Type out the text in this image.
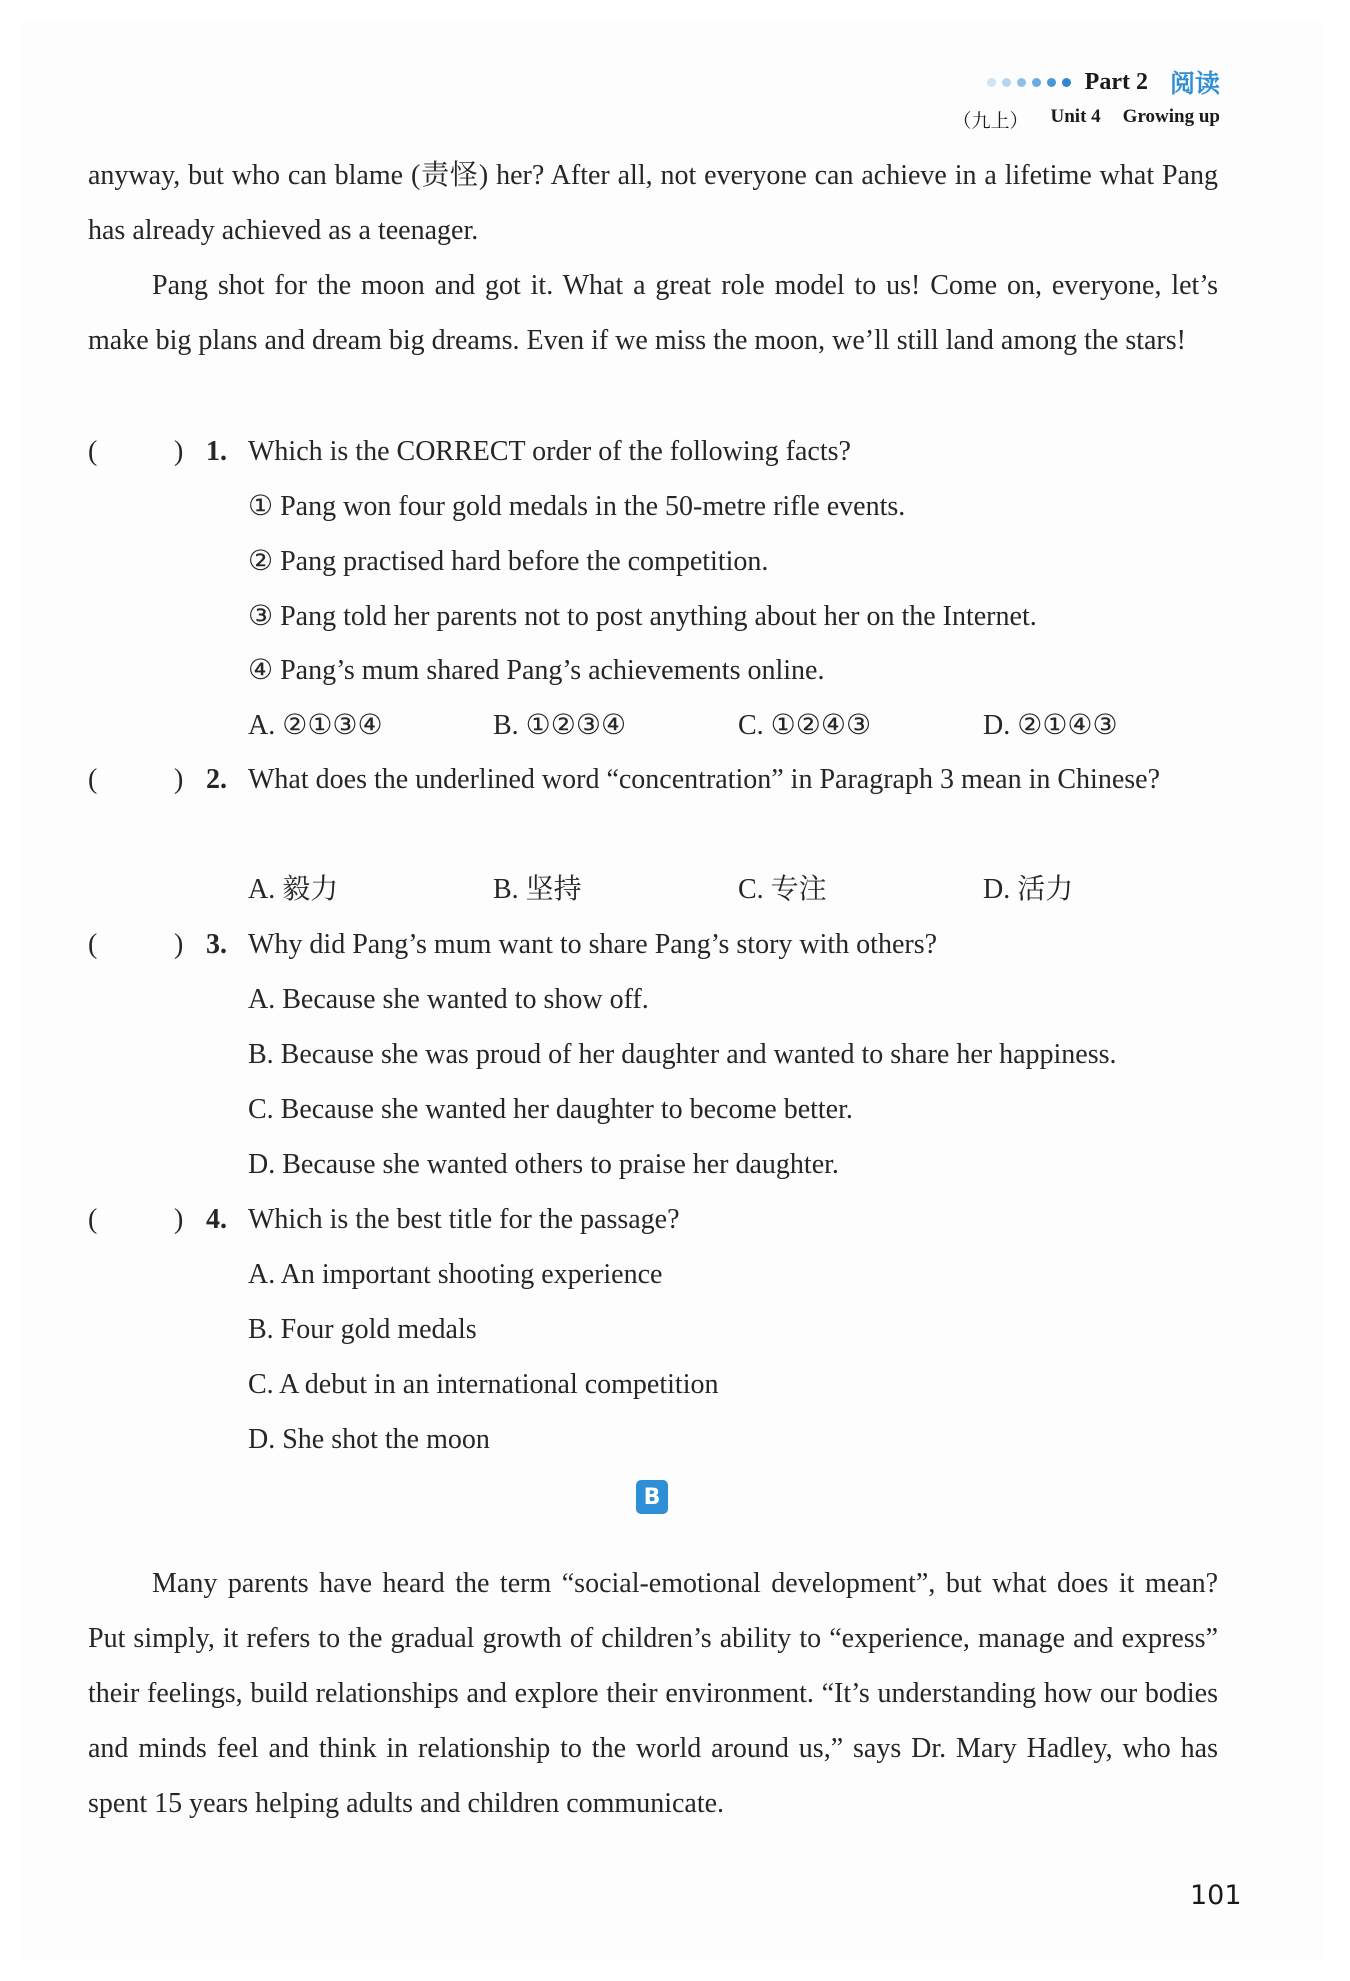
Part 2 阅读
（九上） Unit 4 Growing up

anyway, but who can blame (责怪) her? After all, not everyone can achieve in a lifetime what Pang has already achieved as a teenager.

Pang shot for the moon and got it. What a great role model to us! Come on, everyone, let’s make big plans and dream big dreams. Even if we miss the moon, we’ll still land among the stars!

(	) 1. Which is the CORRECT order of the following facts?
① Pang won four gold medals in the 50-metre rifle events.
② Pang practised hard before the competition.
③ Pang told her parents not to post anything about her on the Internet.
④ Pang’s mum shared Pang’s achievements online.
A. ②①③④	B. ①②③④	C. ①②④③	D. ②①④③
(	) 2. What does the underlined word “concentration” in Paragraph 3 mean in Chinese?
A. 毅力	B. 坚持	C. 专注	D. 活力
(	) 3. Why did Pang’s mum want to share Pang’s story with others?
A. Because she wanted to show off.
B. Because she was proud of her daughter and wanted to share her happiness.
C. Because she wanted her daughter to become better.
D. Because she wanted others to praise her daughter.
(	) 4. Which is the best title for the passage?
A. An important shooting experience
B. Four gold medals
C. A debut in an international competition
D. She shot the moon
B

Many parents have heard the term “social-emotional development”, but what does it mean? Put simply, it refers to the gradual growth of children’s ability to “experience, manage and express” their feelings, build relationships and explore their environment. “It’s understanding how our bodies and minds feel and think in relationship to the world around us,” says Dr. Mary Hadley, who has spent 15 years helping adults and children communicate.

101
